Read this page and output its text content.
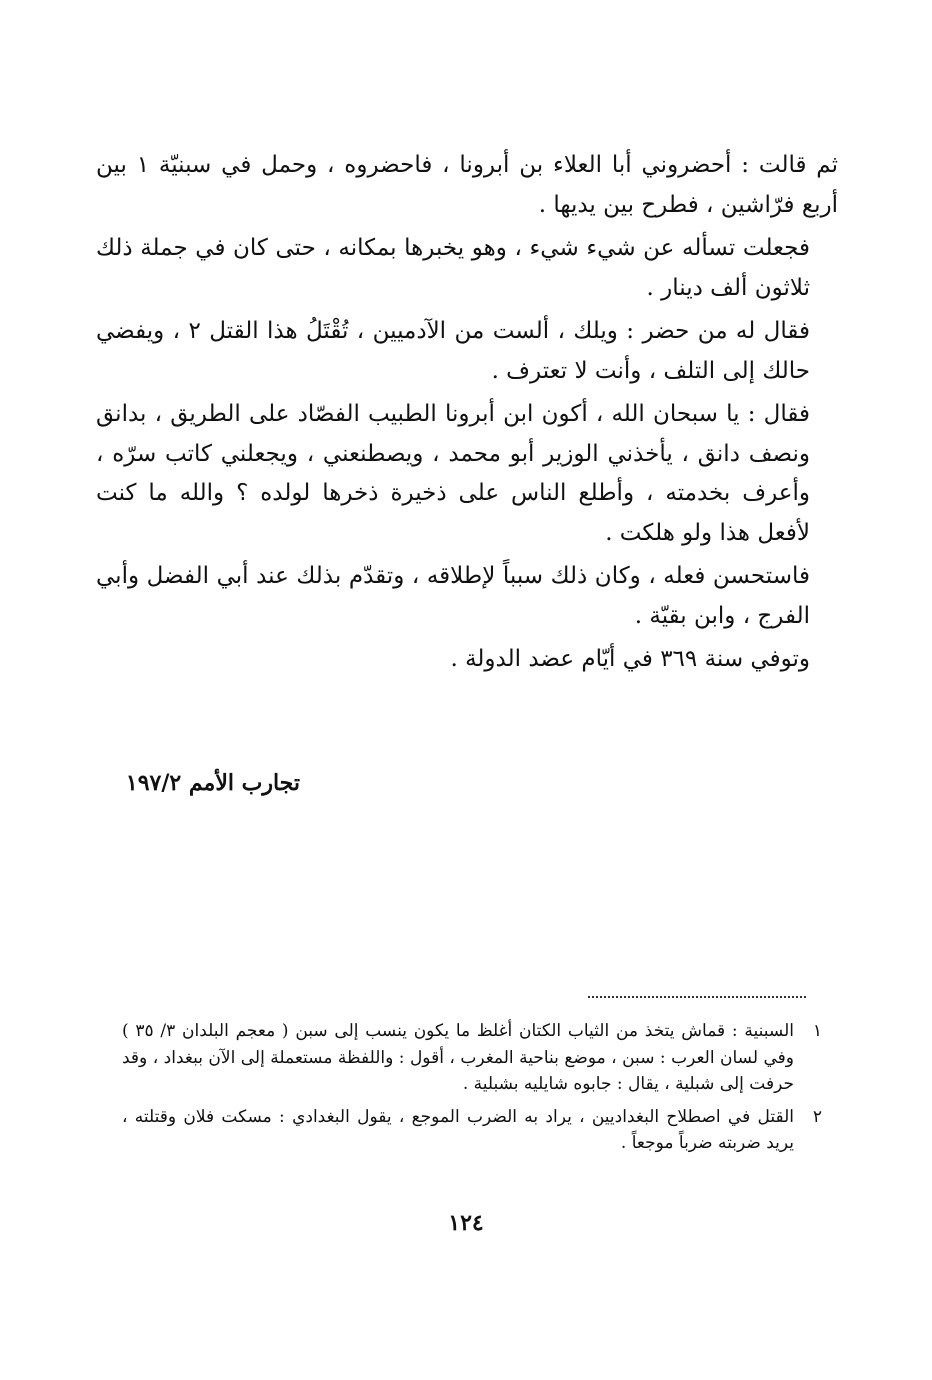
ثم قالت : أحضروني أبا العلاء بن أبرونا ، فاحضروه ، وحمل في سبنيّة ١ بين أربع فرّاشين ، فطرح بين يديها .

فجعلت تسأله عن شيء شيء ، وهو يخبرها بمكانه ، حتى كان في جملة ذلك ثلاثون ألف دينار .

فقال له من حضر : ويلك ، ألست من الآدميين ، تُقْتَلُ هذا القتل ٢ ، ويفضي حالك إلى التلف ، وأنت لا تعترف .

فقال : يا سبحان الله ، أكون ابن أبرونا الطبيب الفصّاد على الطريق ، بدانق ونصف دانق ، يأخذني الوزير أبو محمد ، ويصطنعني ، ويجعلني كاتب سرّه ، وأعرف بخدمته ، وأطلع الناس على ذخيرة ذخرها لولده ؟ والله ما كنت لأفعل هذا ولو هلكت .

فاستحسن فعله ، وكان ذلك سبباً لإطلاقه ، وتقدّم بذلك عند أبي الفضل وأبي الفرج ، وابن بقيّة .

وتوفي سنة ٣٦٩ في أيّام عضد الدولة .

تجارب الأمم ١٩٧/٢
١
السبنية : قماش يتخذ من الثياب الكتان أغلظ ما يكون ينسب إلى سبن ( معجم البلدان ٣/ ٣٥ ) وفي لسان العرب : سبن ، موضع بناحية المغرب ، أقول : واللفظة مستعملة إلى الآن ببغداد ، وقد حرفت إلى شبلية ، يقال : جابوه شايليه بشبلية .
٢
القتل في اصطلاح البغداديين ، يراد به الضرب الموجع ، يقول البغدادي : مسكت فلان وقتلته ، يريد ضربته ضرباً موجعاً .
١٢٤
